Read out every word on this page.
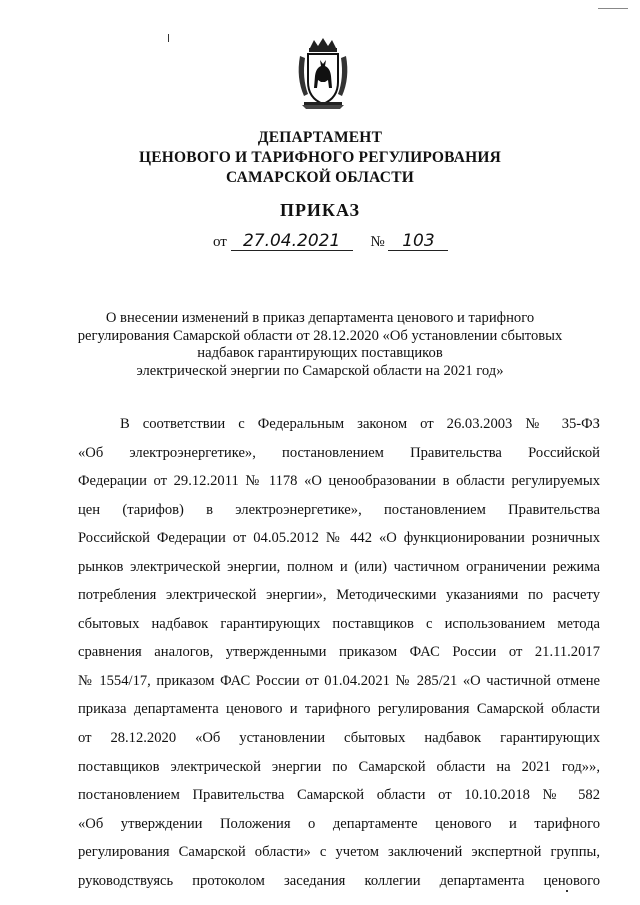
ДЕПАРТАМЕНТ
ЦЕНОВОГО И ТАРИФНОГО РЕГУЛИРОВАНИЯ
САМАРСКОЙ ОБЛАСТИ
ПРИКАЗ
от 27.04.2021 № 103
О внесении изменений в приказ департамента ценового и тарифного
регулирования Самарской области от 28.12.2020 «Об установлении сбытовых
надбавок гарантирующих поставщиков
электрической энергии по Самарской области на 2021 год»
В соответствии с Федеральным законом от 26.03.2003 № 35-ФЗ
«Об электроэнергетике», постановлением Правительства Российской
Федерации от 29.12.2011 № 1178 «О ценообразовании в области регулируемых
цен (тарифов) в электроэнергетике», постановлением Правительства
Российской Федерации от 04.05.2012 № 442 «О функционировании розничных
рынков электрической энергии, полном и (или) частичном ограничении режима
потребления электрической энергии», Методическими указаниями по расчету
сбытовых надбавок гарантирующих поставщиков с использованием метода
сравнения аналогов, утвержденными приказом ФАС России от 21.11.2017
№ 1554/17, приказом ФАС России от 01.04.2021 № 285/21 «О частичной отмене
приказа департамента ценового и тарифного регулирования Самарской области
от 28.12.2020 «Об установлении сбытовых надбавок гарантирующих
поставщиков электрической энергии по Самарской области на 2021 год»»,
постановлением Правительства Самарской области от 10.10.2018 № 582
«Об утверждении Положения о департаменте ценового и тарифного
регулирования Самарской области» с учетом заключений экспертной группы,
руководствуясь протоколом заседания коллегии департамента ценового
